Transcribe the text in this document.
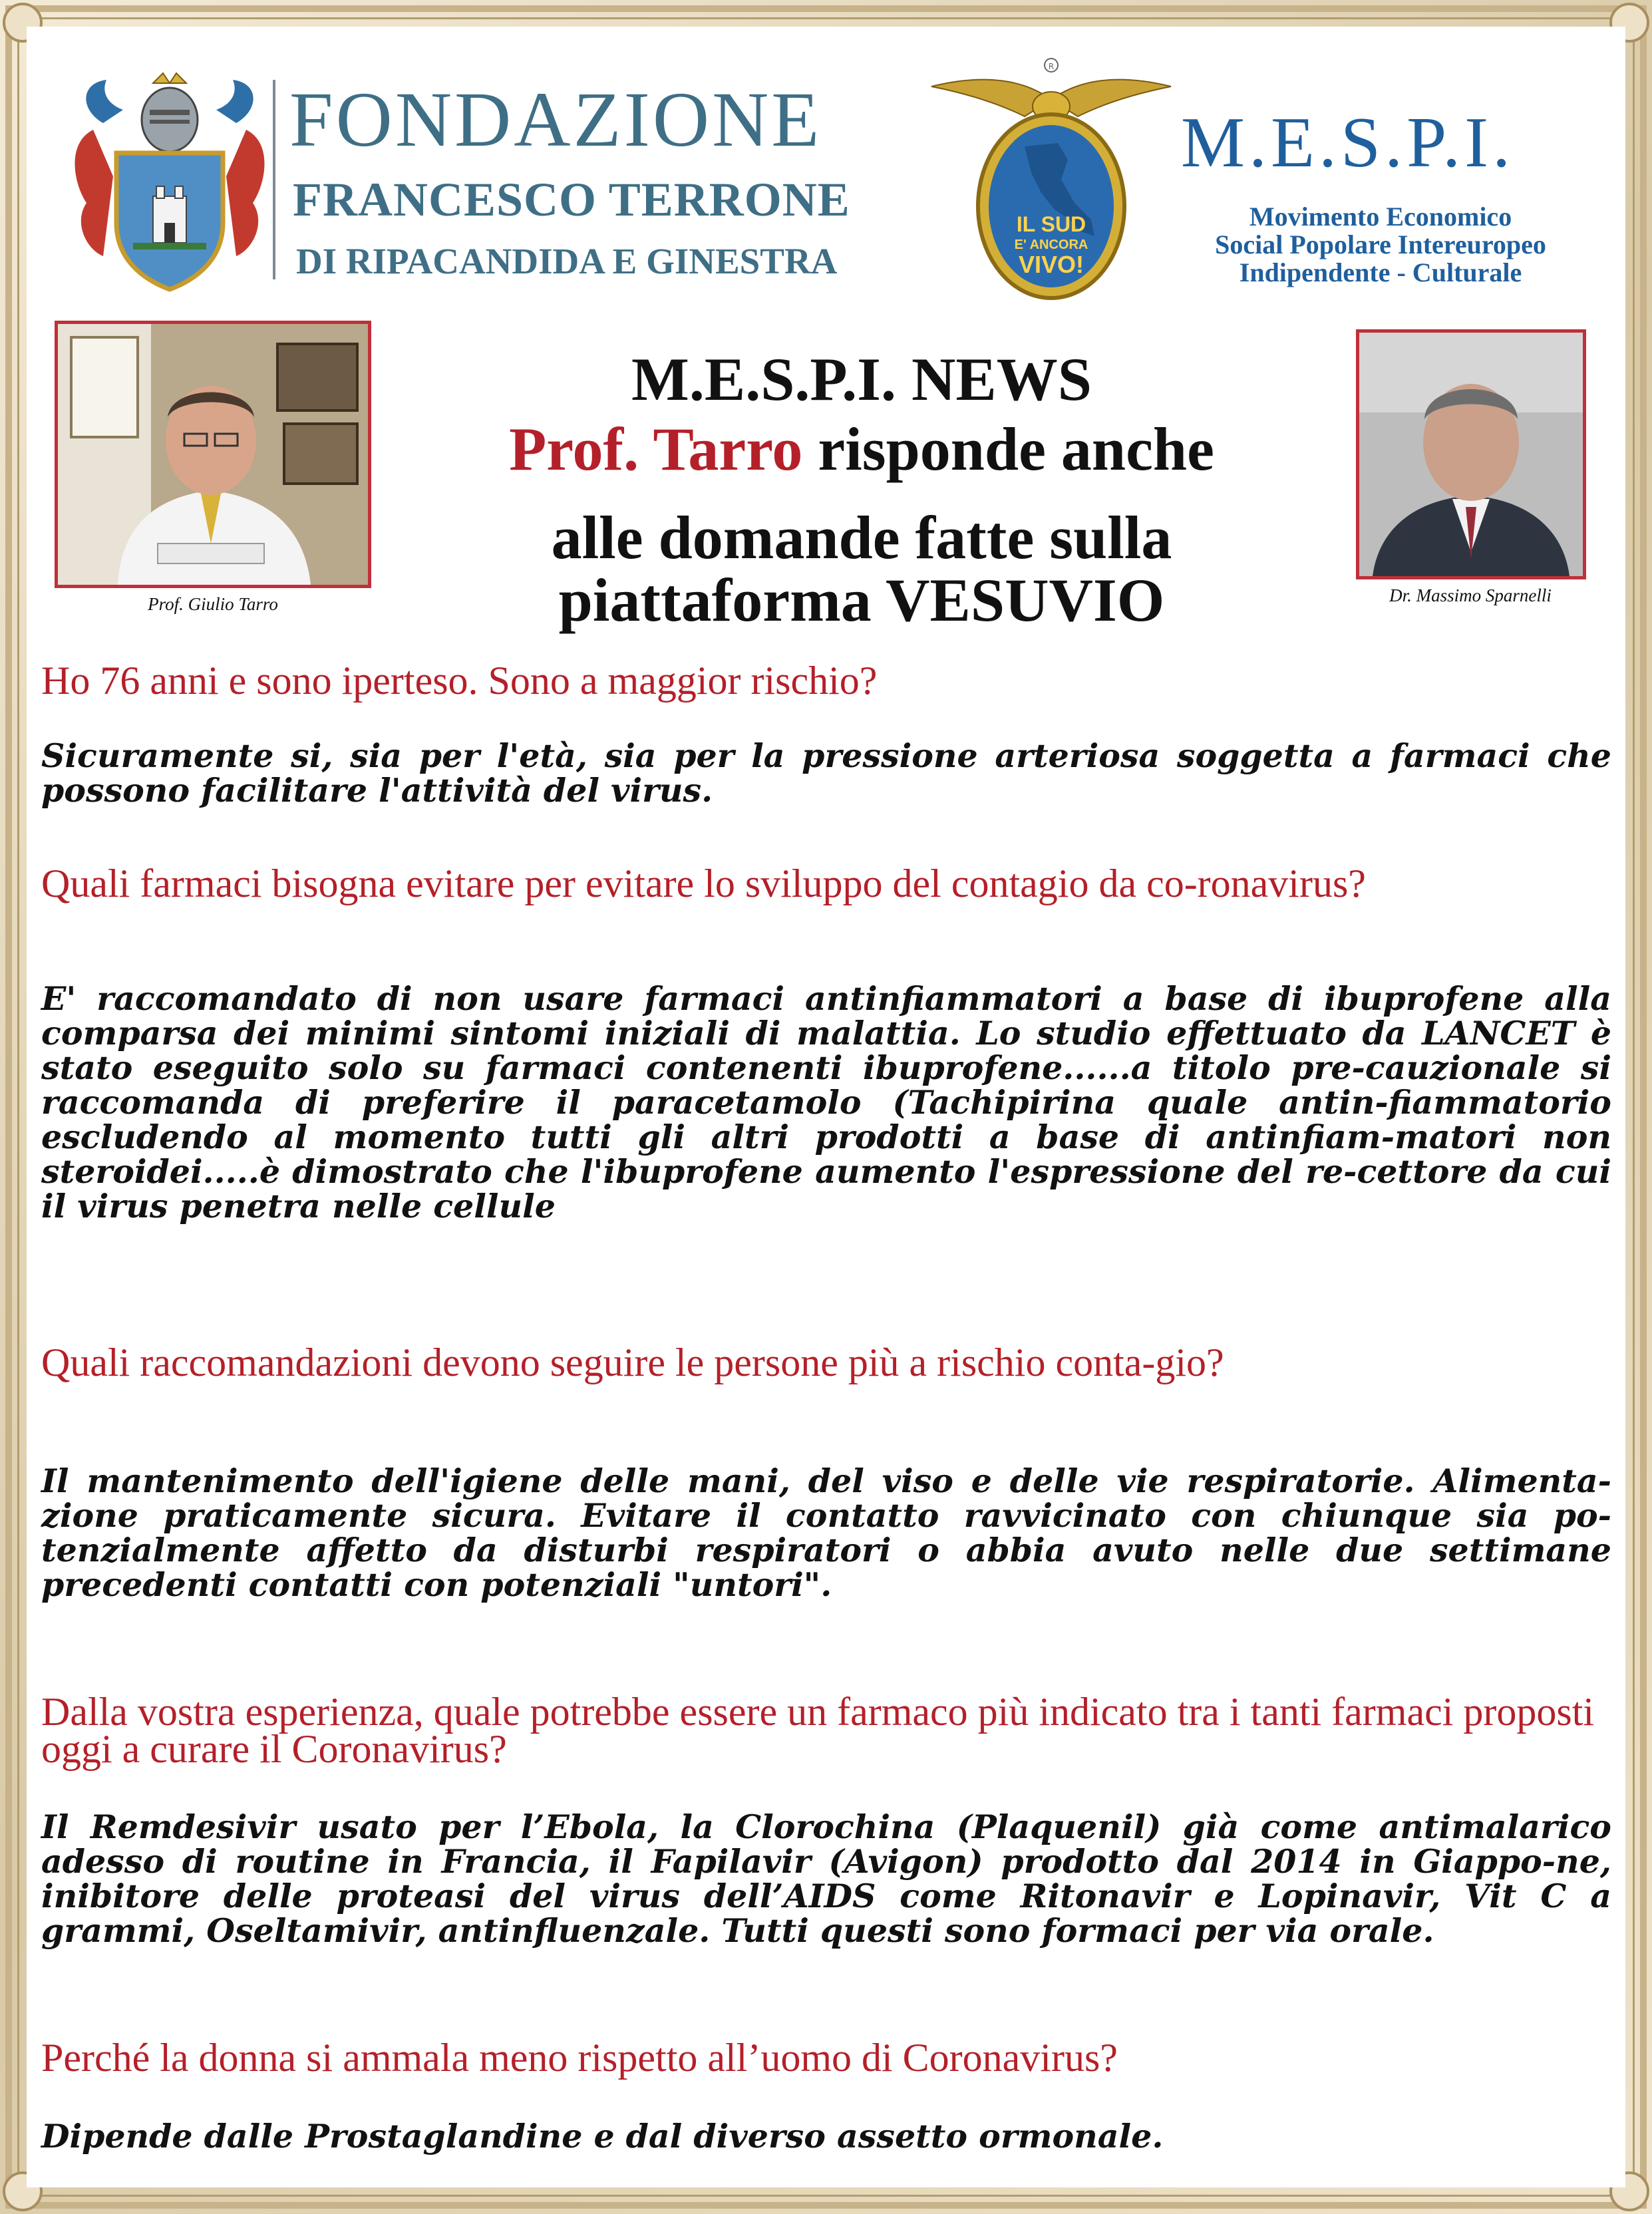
FONDAZIONE
FRANCESCO TERRONE
DI RIPACANDIDA E GINESTRA
R
IL SUD
E' ANCORA
VIVO!
M.E.S.P.I.
Movimento Economico
Social Popolare Intereuropeo
Indipendente - Culturale
Prof. Giulio Tarro	Dr. Massimo Sparnelli
M.E.S.P.I. NEWS
Prof. Tarro risponde anche
alle domande fatte sulla
piattaforma VESUVIO
Ho 76 anni e sono iperteso. Sono a maggior rischio?
Sicuramente si, sia per l'età, sia per la pressione arteriosa soggetta a farmaci che possono facilitare l'attività del virus.
Quali farmaci bisogna evitare per evitare lo sviluppo del contagio da co-ronavirus?
E' raccomandato di non usare farmaci antinfiammatori a base di ibuprofene alla comparsa dei minimi sintomi iniziali di malattia. Lo studio effettuato da LANCET è stato eseguito solo su farmaci contenenti ibuprofene......a titolo pre-cauzionale si raccomanda di preferire il paracetamolo (Tachipirina quale antin-fiammatorio escludendo al momento tutti gli altri prodotti a base di antinfiam-matori non steroidei.....è dimostrato che l'ibuprofene aumento l'espressione del re-cettore da cui il virus penetra nelle cellule
Quali raccomandazioni devono seguire le persone più a rischio conta-gio?
Il mantenimento dell'igiene delle mani, del viso e delle vie respiratorie. Alimenta-zione praticamente sicura. Evitare il contatto ravvicinato con chiunque sia po-tenzialmente affetto da disturbi respiratori o abbia avuto nelle due settimane precedenti contatti con potenziali "untori".
Dalla vostra esperienza, quale potrebbe essere un farmaco più indicato tra i tanti farmaci proposti oggi a curare il Coronavirus?
Il Remdesivir usato per l’Ebola, la Clorochina (Plaquenil) già come antimalarico adesso di routine in Francia, il Fapilavir (Avigon) prodotto dal 2014 in Giappo-ne, inibitore delle proteasi del virus dell’AIDS come Ritonavir e Lopinavir, Vit C a grammi, Oseltamivir, antinfluenzale. Tutti questi sono formaci per via orale.
Perché la donna si ammala meno rispetto all’uomo di Coronavirus?
Dipende dalle Prostaglandine e dal diverso assetto ormonale.
